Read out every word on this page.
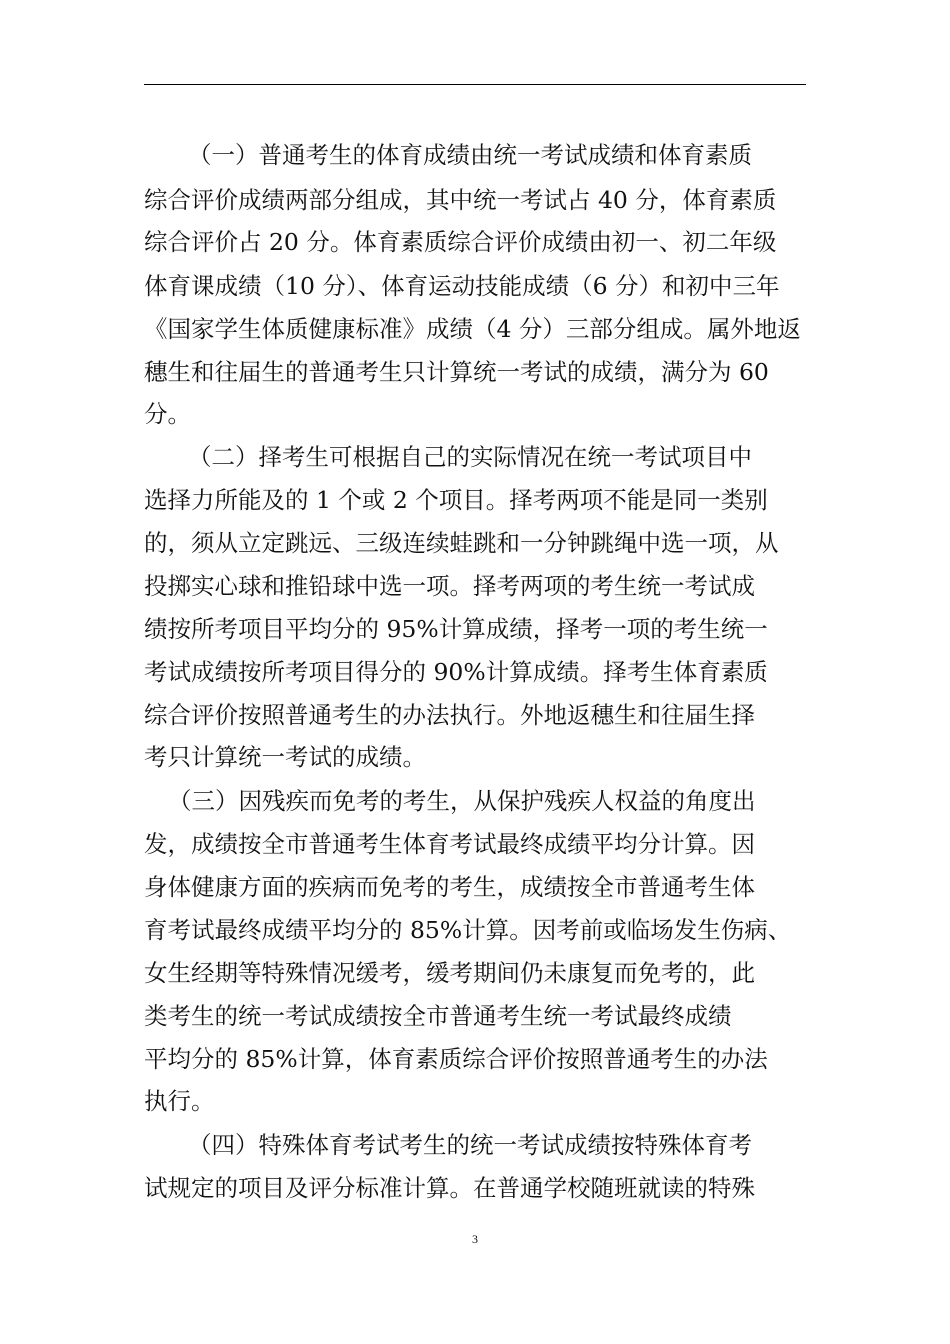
（一）普通考生的体育成绩由统一考试成绩和体育素质
综合评价成绩两部分组成，其中统一考试占 40 分，体育素质
综合评价占 20 分。体育素质综合评价成绩由初一、初二年级
体育课成绩（10 分）、体育运动技能成绩（6 分）和初中三年
《国家学生体质健康标准》成绩（4 分）三部分组成。属外地返
穗生和往届生的普通考生只计算统一考试的成绩，满分为 60
分。
（二）择考生可根据自己的实际情况在统一考试项目中
选择力所能及的 1 个或 2 个项目。择考两项不能是同一类别
的，须从立定跳远、三级连续蛙跳和一分钟跳绳中选一项，从
投掷实心球和推铅球中选一项。择考两项的考生统一考试成
绩按所考项目平均分的 95%计算成绩，择考一项的考生统一
考试成绩按所考项目得分的 90%计算成绩。择考生体育素质
综合评价按照普通考生的办法执行。外地返穗生和往届生择
考只计算统一考试的成绩。
（三）因残疾而免考的考生，从保护残疾人权益的角度出
发，成绩按全市普通考生体育考试最终成绩平均分计算。因
身体健康方面的疾病而免考的考生，成绩按全市普通考生体
育考试最终成绩平均分的 85%计算。因考前或临场发生伤病、
女生经期等特殊情况缓考，缓考期间仍未康复而免考的，此
类考生的统一考试成绩按全市普通考生统一考试最终成绩
平均分的 85%计算，体育素质综合评价按照普通考生的办法
执行。
（四）特殊体育考试考生的统一考试成绩按特殊体育考
试规定的项目及评分标准计算。在普通学校随班就读的特殊
3
